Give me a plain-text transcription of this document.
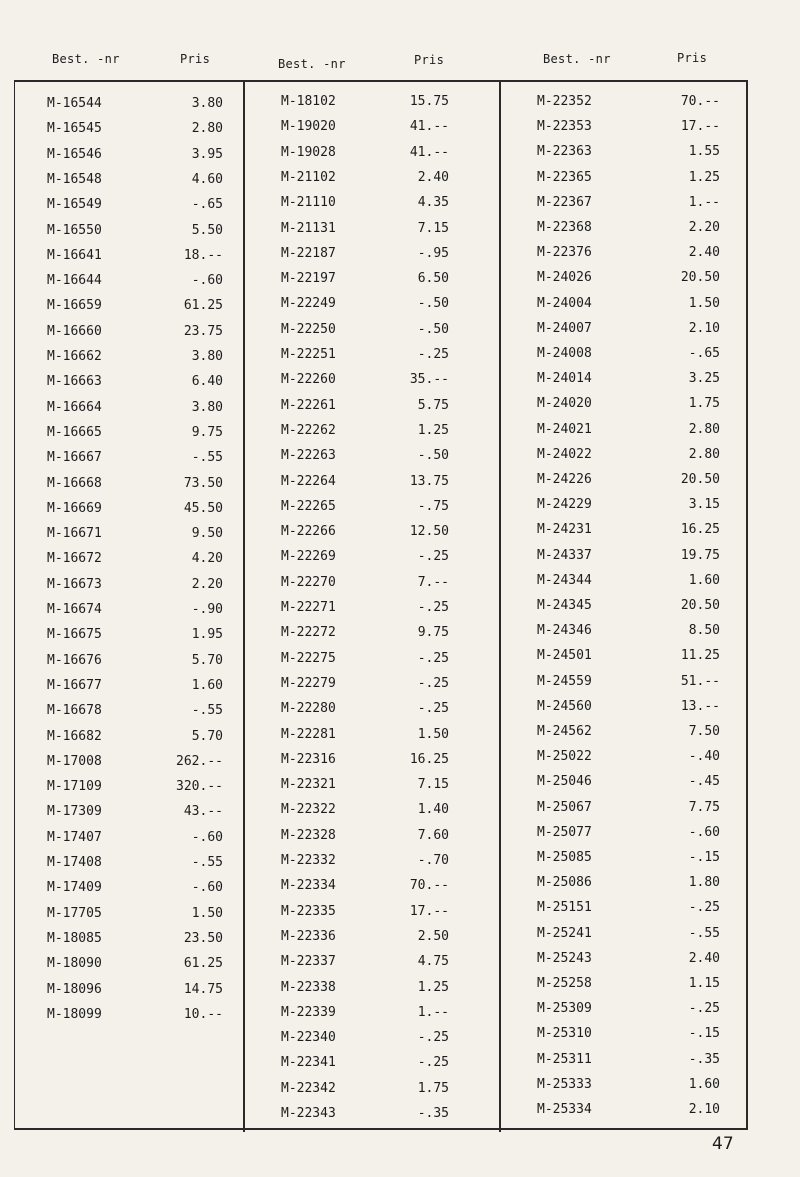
Best. -nr	Pris	Best. -nr	Pris	Best. -nr	Pris
M-16544	3.80
M-16545	2.80
M-16546	3.95
M-16548	4.60
M-16549	-.65
M-16550	5.50
M-16641	18.--
M-16644	-.60
M-16659	61.25
M-16660	23.75
M-16662	3.80
M-16663	6.40
M-16664	3.80
M-16665	9.75
M-16667	-.55
M-16668	73.50
M-16669	45.50
M-16671	9.50
M-16672	4.20
M-16673	2.20
M-16674	-.90
M-16675	1.95
M-16676	5.70
M-16677	1.60
M-16678	-.55
M-16682	5.70
M-17008	262.--
M-17109	320.--
M-17309	43.--
M-17407	-.60
M-17408	-.55
M-17409	-.60
M-17705	1.50
M-18085	23.50
M-18090	61.25
M-18096	14.75
M-18099	10.--
M-18102	15.75
M-19020	41.--
M-19028	41.--
M-21102	2.40
M-21110	4.35
M-21131	7.15
M-22187	-.95
M-22197	6.50
M-22249	-.50
M-22250	-.50
M-22251	-.25
M-22260	35.--
M-22261	5.75
M-22262	1.25
M-22263	-.50
M-22264	13.75
M-22265	-.75
M-22266	12.50
M-22269	-.25
M-22270	7.--
M-22271	-.25
M-22272	9.75
M-22275	-.25
M-22279	-.25
M-22280	-.25
M-22281	1.50
M-22316	16.25
M-22321	7.15
M-22322	1.40
M-22328	7.60
M-22332	-.70
M-22334	70.--
M-22335	17.--
M-22336	2.50
M-22337	4.75
M-22338	1.25
M-22339	1.--
M-22340	-.25
M-22341	-.25
M-22342	1.75
M-22343	-.35
M-22352	70.--
M-22353	17.--
M-22363	1.55
M-22365	1.25
M-22367	1.--
M-22368	2.20
M-22376	2.40
M-24026	20.50
M-24004	1.50
M-24007	2.10
M-24008	-.65
M-24014	3.25
M-24020	1.75
M-24021	2.80
M-24022	2.80
M-24226	20.50
M-24229	3.15
M-24231	16.25
M-24337	19.75
M-24344	1.60
M-24345	20.50
M-24346	8.50
M-24501	11.25
M-24559	51.--
M-24560	13.--
M-24562	7.50
M-25022	-.40
M-25046	-.45
M-25067	7.75
M-25077	-.60
M-25085	-.15
M-25086	1.80
M-25151	-.25
M-25241	-.55
M-25243	2.40
M-25258	1.15
M-25309	-.25
M-25310	-.15
M-25311	-.35
M-25333	1.60
M-25334	2.10
47
